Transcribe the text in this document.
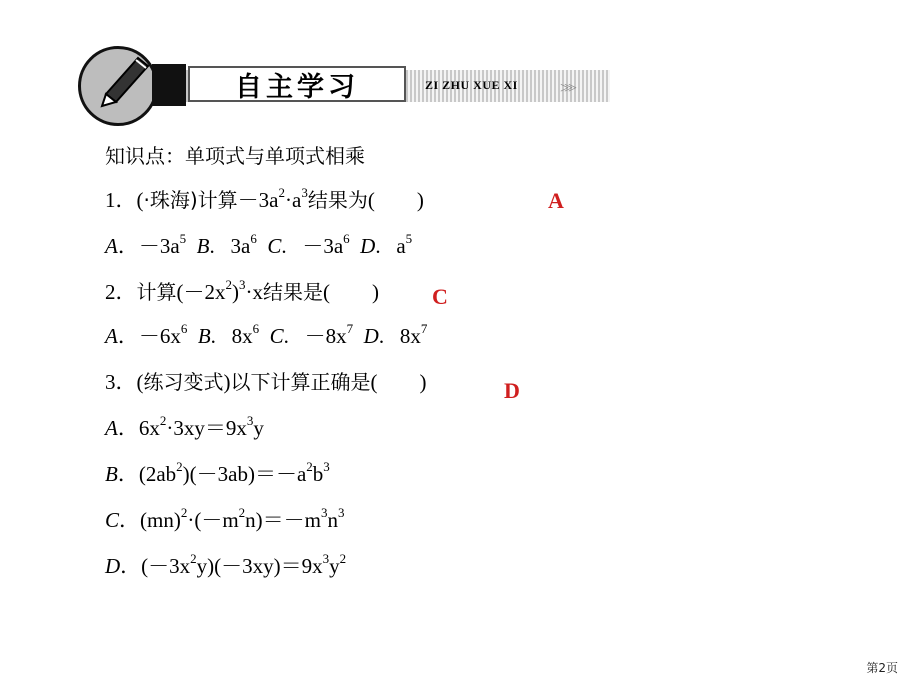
自主学习	ZI ZHU XUE XI	>>>
知识点：单项式与单项式相乘
1．(·珠海)计算$-3a^2\cdot a^3$结果为(        )	A
A．$-3a^5$ B.   $3a^6$ C.   $-3a^6$ D.   $a^5$
2．计算$(-2x^2)^3\cdot x$结果是(        ) C
A．$-6x^6$ B.   $8x^6$ C.   $-8x^7$ D.   $8x^7$
3．(练习变式)以下计算正确是(        )	D
A．$6x^2\cdot 3xy=9x^3y$
B．$(2ab^2)(-3ab)=-a^2b^3$
C．$(mn)^2\cdot(-m^2n)=-m^3n^3$
D．$(-3x^2y)(-3xy)=9x^3y^2$
第2页
